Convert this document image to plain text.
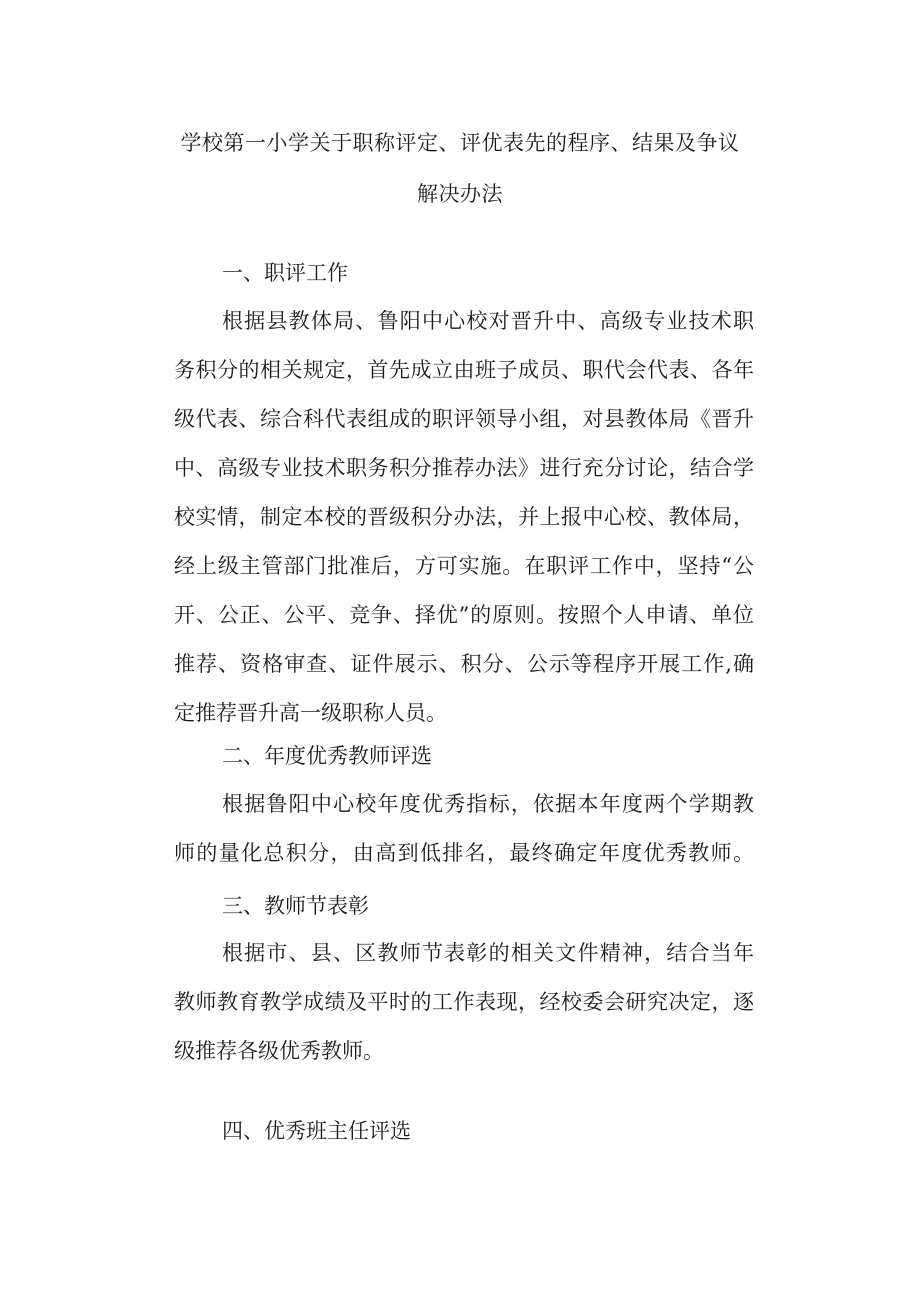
学校第一小学关于职称评定、评优表先的程序、结果及争议
解决办法
一、职评工作
根据县教体局、鲁阳中心校对晋升中、高级专业技术职
务积分的相关规定，首先成立由班子成员、职代会代表、各年
级代表、综合科代表组成的职评领导小组，对县教体局《晋升
中、高级专业技术职务积分推荐办法》进行充分讨论，结合学
校实情，制定本校的晋级积分办法，并上报中心校、教体局，
经上级主管部门批准后，方可实施。在职评工作中，坚持“公
开、公正、公平、竞争、择优”的原则。按照个人申请、单位
推荐、资格审查、证件展示、积分、公示等程序开展工作,确
定推荐晋升高一级职称人员。
二、年度优秀教师评选
根据鲁阳中心校年度优秀指标，依据本年度两个学期教
师的量化总积分，由高到低排名，最终确定年度优秀教师。
三、教师节表彰
根据市、县、区教师节表彰的相关文件精神，结合当年
教师教育教学成绩及平时的工作表现，经校委会研究决定，逐
级推荐各级优秀教师。
四、优秀班主任评选
